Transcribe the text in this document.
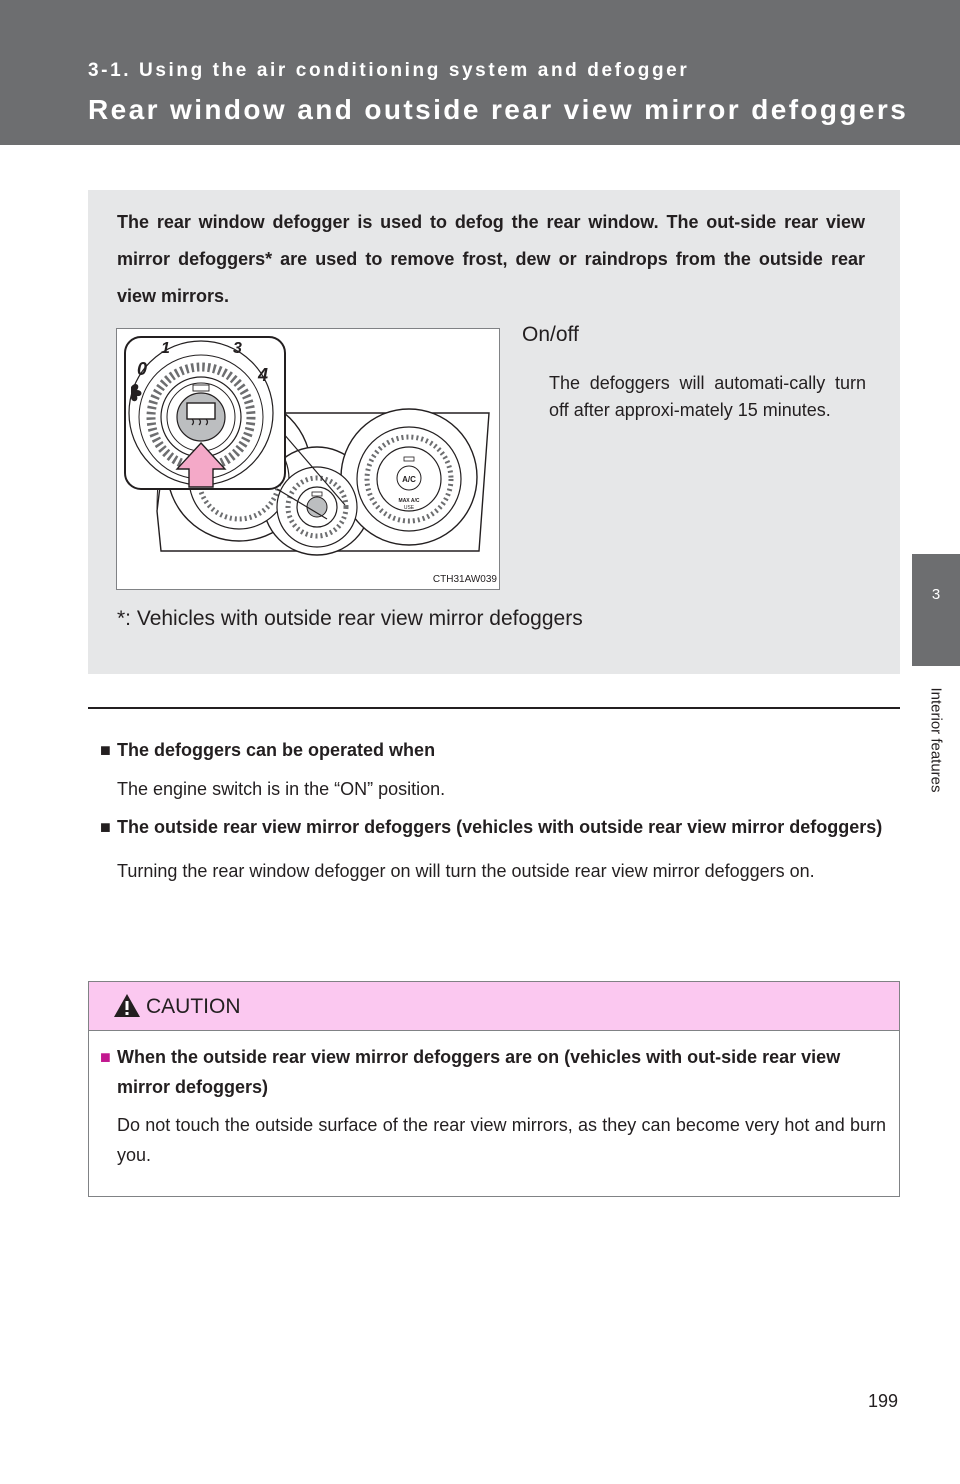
3-1. Using the air conditioning system and defogger
Rear window and outside rear view mirror defoggers
3
Interior features
The rear window defogger is used to defog the rear window. The out-side rear view mirror defoggers* are used to remove frost, dew or raindrops from the outside rear view mirrors.
A/C
MAX A/C
USE
0
1	3
4
CTH31AW039
On/off
The defoggers will automati-cally turn off after approxi-mately 15 minutes.
*: Vehicles with outside rear view mirror defoggers
■ The defoggers can be operated when
The engine switch is in the “ON” position.
■ The outside rear view mirror defoggers (vehicles with outside rear view mirror defoggers)
Turning the rear window defogger on will turn the outside rear view mirror defoggers on.
CAUTION
■ When the outside rear view mirror defoggers are on (vehicles with out-side rear view mirror defoggers)
Do not touch the outside surface of the rear view mirrors, as they can become very hot and burn you.
199
